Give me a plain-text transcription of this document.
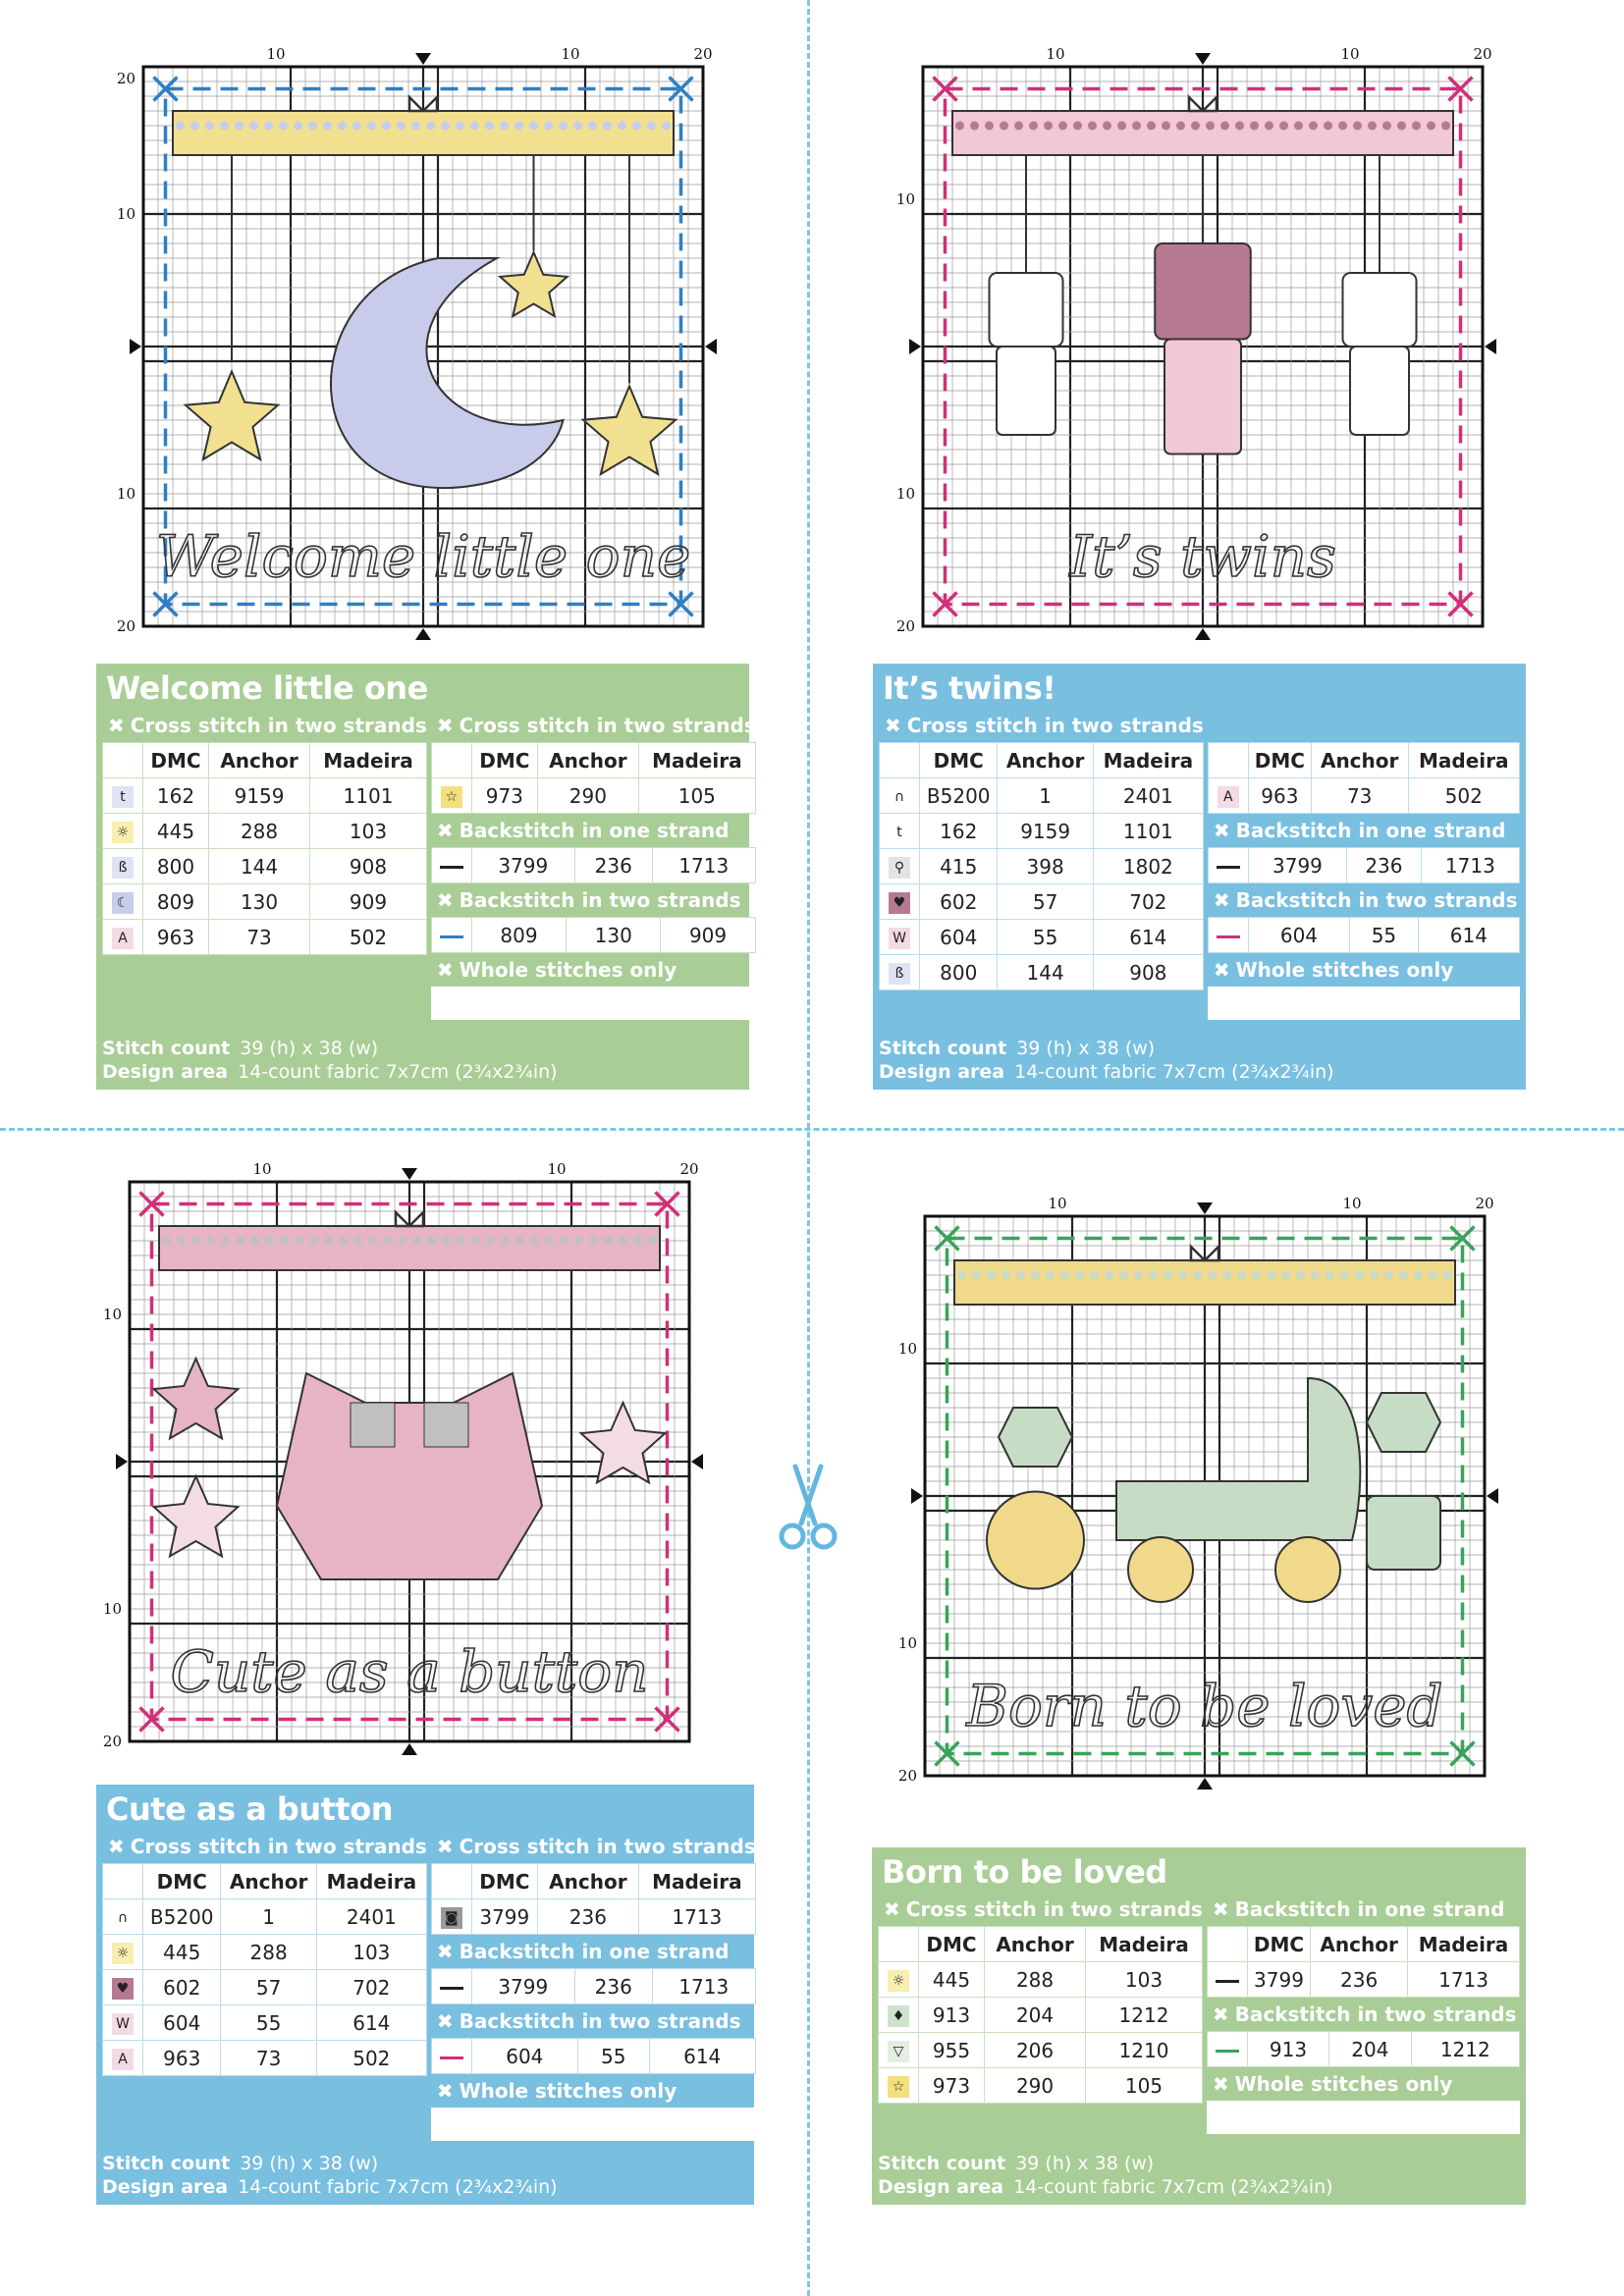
10	10	20
20
10
10
20
Welcome little one
10	10	20
10
10
20
It’s twins
10	10	20
10
10
20
Cute as a button
10	10	20
10
10
20
Born to be loved
Welcome little one
✖ Cross stitch in two strands
	DMC	Anchor	Madeira
t	162	9159	1101
☼	445	288	103
ß	800	144	908
☾	809	130	909
A	963	73	502
✖ Cross stitch in two strands
	DMC	Anchor	Madeira
☆	973	290	105
✖ Backstitch in one strand
	3799	236	1713
✖ Backstitch in two strands
	809	130	909
✖ Whole stitches only
Stitch count 39 (h) x 38 (w)
Design area 14-count fabric 7x7cm (2¾x2¾in)
It’s twins!
✖ Cross stitch in two strands
	DMC	Anchor	Madeira
∩	B5200	1	2401
t	162	9159	1101
⚲	415	398	1802
♥	602	57	702
W	604	55	614
ß	800	144	908
	DMC	Anchor	Madeira
A	963	73	502
✖ Backstitch in one strand
	3799	236	1713
✖ Backstitch in two strands
	604	55	614
✖ Whole stitches only
Stitch count 39 (h) x 38 (w)
Design area 14-count fabric 7x7cm (2¾x2¾in)
Cute as a button
✖ Cross stitch in two strands
	DMC	Anchor	Madeira
∩	B5200	1	2401
☼	445	288	103
♥	602	57	702
W	604	55	614
A	963	73	502
✖ Cross stitch in two strands
	DMC	Anchor	Madeira
◙	3799	236	1713
✖ Backstitch in one strand
	3799	236	1713
✖ Backstitch in two strands
	604	55	614
✖ Whole stitches only
Stitch count 39 (h) x 38 (w)
Design area 14-count fabric 7x7cm (2¾x2¾in)
Born to be loved
✖ Cross stitch in two strands
	DMC	Anchor	Madeira
☼	445	288	103
♦	913	204	1212
▽	955	206	1210
☆	973	290	105
✖ Backstitch in one strand
	DMC	Anchor	Madeira
	3799	236	1713
✖ Backstitch in two strands
	913	204	1212
✖ Whole stitches only
Stitch count 39 (h) x 38 (w)
Design area 14-count fabric 7x7cm (2¾x2¾in)
